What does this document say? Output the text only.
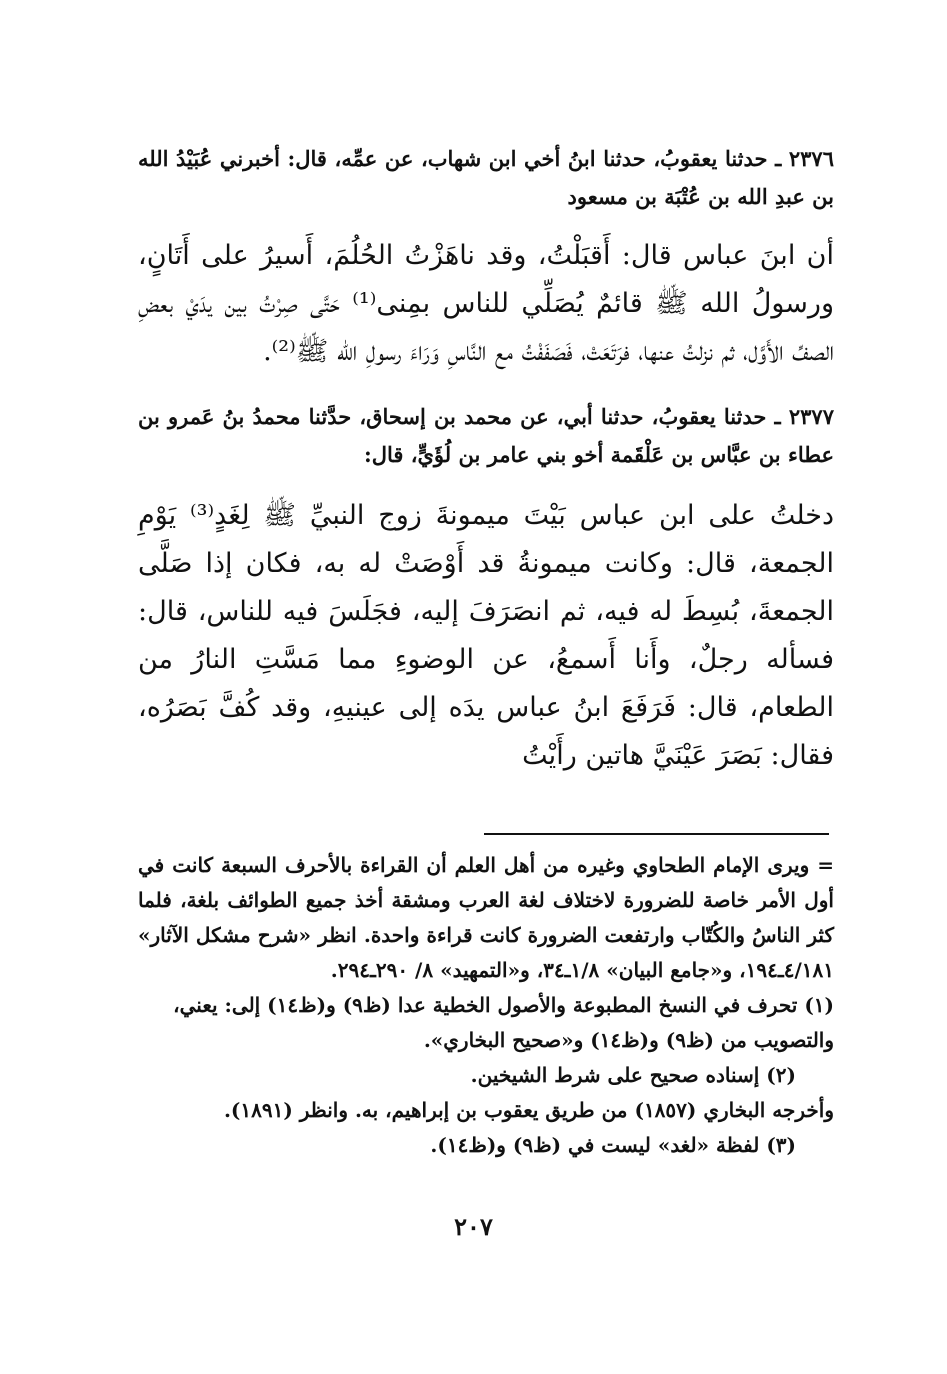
٢٣٧٦ ـ حدثنا يعقوبُ، حدثنا ابنُ أخي ابن شهاب، عن عمِّه، قال: أخبرني عُبَيْدُ الله بن عبدِ الله بن عُتْبَة بن مسعود

أن ابنَ عباس قال: أَقبَلْتُ، وقد ناهَزْتُ الحُلُمَ، أَسيرُ على أَتَانٍ، ورسولُ الله ﷺ قائمٌ يُصَلِّي للناس بمِنى⁽¹⁾ حَتَّى صِرْتُ بين يدَيْ بعضِ الصفِّ الأَوَّل، ثم نزلتُ عنها، فرَتَعَتْ، فَصَفَفْتُ مع النَّاسِ وَرَاءَ رسولِ الله ﷺ⁽²⁾.

٢٣٧٧ ـ حدثنا يعقوبُ، حدثنا أبي، عن محمد بن إسحاق، حدَّثنا محمدُ بنُ عَمرو بن عطاء بن عبَّاس بن عَلْقَمة أخو بني عامر بن لُؤَيٍّ، قال:

دخلتُ على ابن عباس بَيْتَ ميمونةَ زوج النبيِّ ﷺ لِغَدٍ⁽³⁾ يَوْمِ الجمعة، قال: وكانت ميمونةُ قد أَوْصَتْ له به، فكان إذا صَلَّى الجمعةَ، بُسِطَ له فيه، ثم انصَرَفَ إليه، فجَلَسَ فيه للناس، قال: فسأله رجلٌ، وأَنا أَسمعُ، عن الوضوءِ مما مَسَّتِ النارُ من الطعام، قال: فَرَفَعَ ابنُ عباس يدَه إلى عينيهِ، وقد كُفَّ بَصَرُه، فقال: بَصَرَ عَيْنَيَّ هاتين رأَيْتُ

= ويرى الإمام الطحاوي وغيره من أهل العلم أن القراءة بالأحرف السبعة كانت في أول الأمر خاصة للضرورة لاختلاف لغة العرب ومشقة أخذ جميع الطوائف بلغة، فلما كثر الناسُ والكُتّاب وارتفعت الضرورة كانت قراءة واحدة. انظر «شرح مشكل الآثار» ٤/١٨١ـ١٩٤، و«جامع البيان» ١/٨ـ٣٤، و«التمهيد» ٨/ ٢٩٠ـ٢٩٤.

(١) تحرف في النسخ المطبوعة والأصول الخطية عدا (ظ٩) و(ظ١٤) إلى: يعني،

والتصويب من (ظ٩) و(ظ١٤) و«صحيح البخاري».

(٢) إسناده صحيح على شرط الشيخين.

وأخرجه البخاري (١٨٥٧) من طريق يعقوب بن إبراهيم، به. وانظر (١٨٩١).

(٣) لفظة «لغد» ليست في (ظ٩) و(ظ١٤).

٢٠٧
